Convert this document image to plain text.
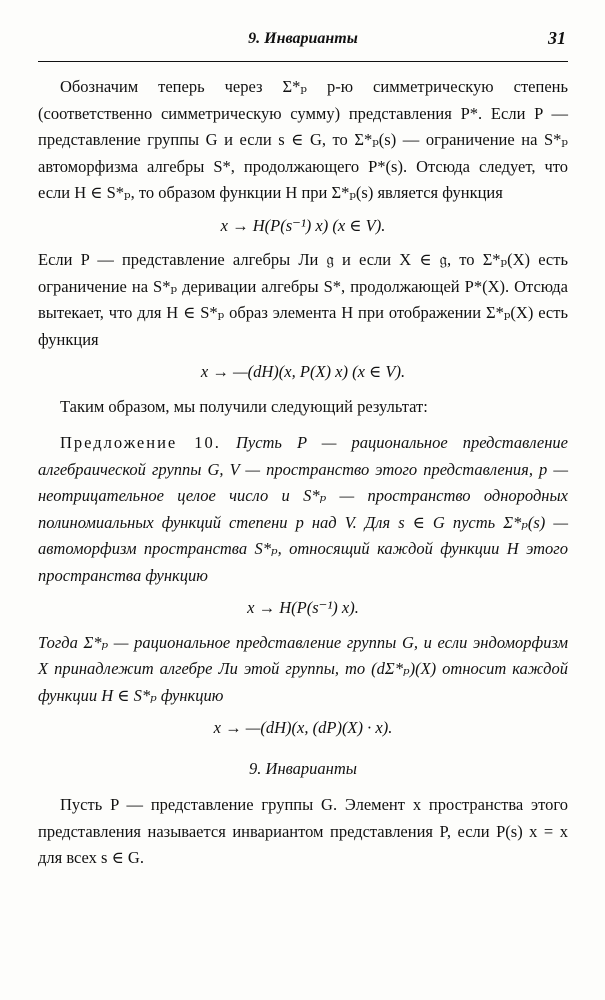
9. Инварианты	31

Обозначим теперь через Σ*ₚ p-ю симметрическую степень (соответственно симметрическую сумму) представления P*. Если P — представление группы G и если s ∈ G, то Σ*ₚ(s) — ограничение на S*ₚ автоморфизма алгебры S*, продолжающего P*(s). Отсюда следует, что если H ∈ S*ₚ, то образом функции H при Σ*ₚ(s) является функция

x → H(P(s⁻¹) x) (x ∈ V).

Если P — представление алгебры Ли 𝔤 и если X ∈ 𝔤, то Σ*ₚ(X) есть ограничение на S*ₚ деривации алгебры S*, продолжающей P*(X). Отсюда вытекает, что для H ∈ S*ₚ образ элемента H при отображении Σ*ₚ(X) есть функция

x → —(dH)(x, P(X) x) (x ∈ V).

Таким образом, мы получили следующий результат:

Предложение 10. Пусть P — рациональное представление алгебраической группы G, V — пространство этого представления, p — неотрицательное целое число и S*ₚ — пространство однородных полиномиальных функций степени p над V. Для s ∈ G пусть Σ*ₚ(s) — автоморфизм пространства S*ₚ, относящий каждой функции H этого пространства функцию

x → H(P(s⁻¹) x).

Тогда Σ*ₚ — рациональное представление группы G, и если эндоморфизм X принадлежит алгебре Ли этой группы, то (dΣ*ₚ)(X) относит каждой функции H ∈ S*ₚ функцию

x → —(dH)(x, (dP)(X) · x).
9. Инварианты

Пусть P — представление группы G. Элемент x пространства этого представления называется инвариантом представления P, если P(s) x = x для всех s ∈ G.
